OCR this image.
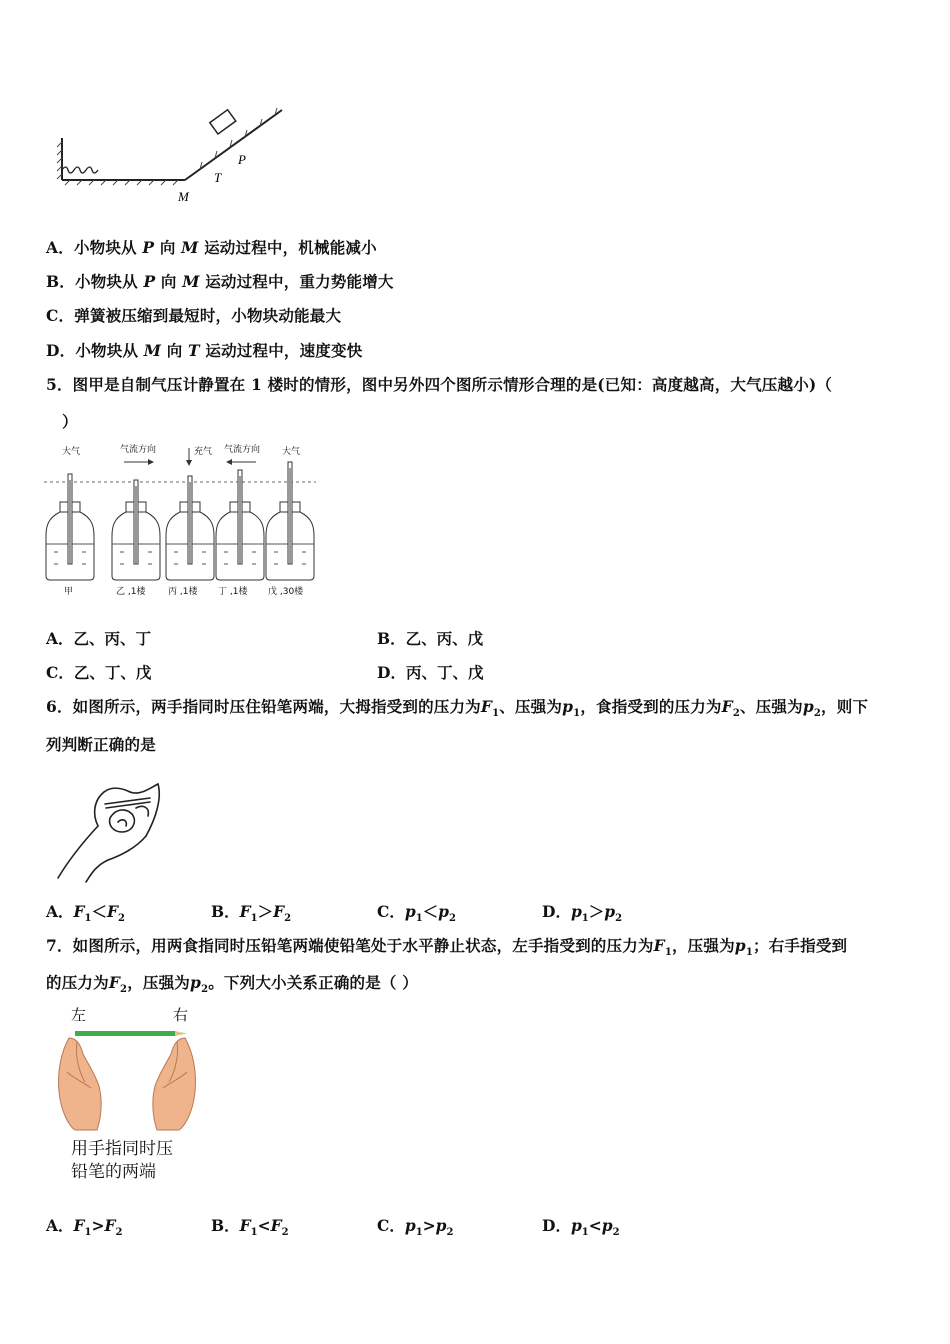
P
T
M
A．小物块从 P 向 M 运动过程中，机械能减小
B．小物块从 P 向 M 运动过程中，重力势能增大
C．弹簧被压缩到最短时，小物块动能最大
D．小物块从 M 向 T 运动过程中，速度变快
5．图甲是自制气压计静置在 1 楼时的情形，图中另外四个图所示情形合理的是(已知：高度越高，大气压越小)（
）
大气	气流方向	充气 气流方向 大气
甲	乙 ,1楼	丙 ,1楼 丁 ,1楼 戊 ,30楼
A．乙、丙、丁	B．乙、丙、戊
C．乙、丁、戊	D．丙、丁、戊
6．如图所示，两手指同时压住铅笔两端，大拇指受到的压力为$F_1$、压强为$p_1$，食指受到的压力为$F_2$、压强为$p_2$，则下
列判断正确的是
A．$F_1<F_2$	B．$F_1>F_2$	C．$p_1<p_2$	D．$p_1>p_2$
7．如图所示，用两食指同时压铅笔两端使铅笔处于水平静止状态，左手指受到的压力为$F_1$，压强为$p_1$；右手指受到
的压力为$F_2$，压强为$p_2$。下列大小关系正确的是（ ）
左	右
用手指同时压
铅笔的两端
A．$F_1>F_2$	B．$F_1<F_2$	C．$p_1>p_2$	D．$p_1<p_2$
